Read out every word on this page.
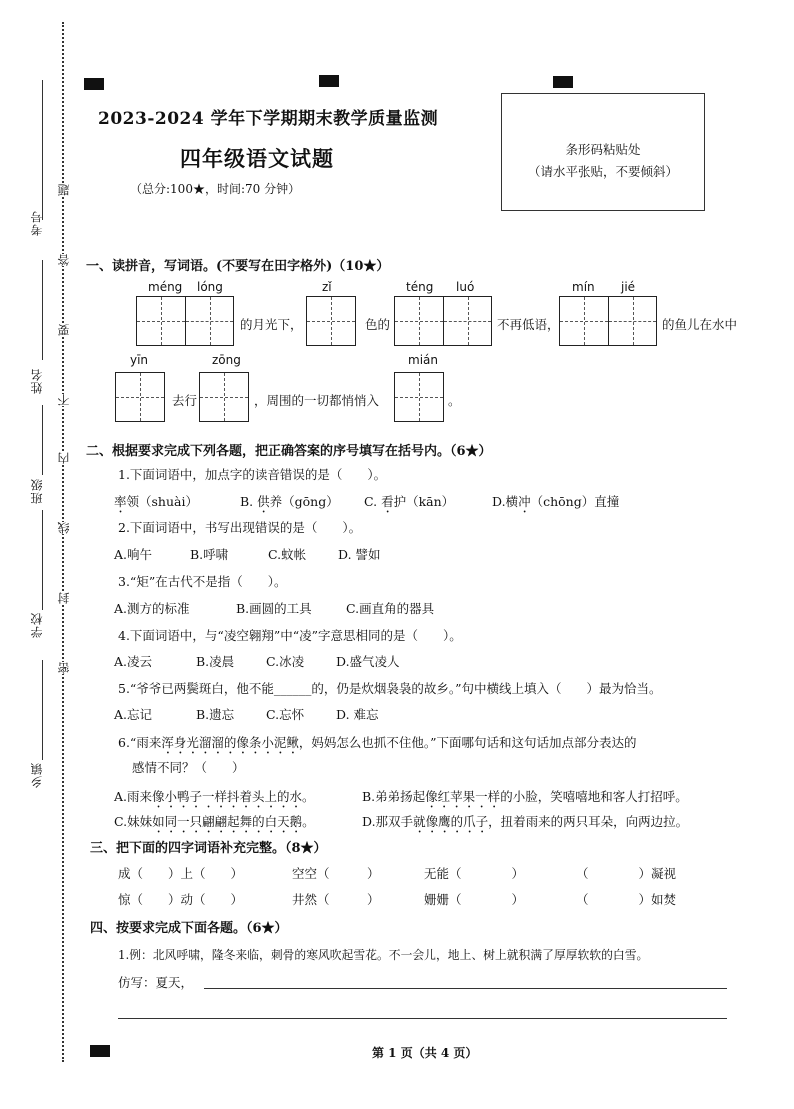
考号
姓名
班级
学校
乡镇
题
答
要
不
内
线
封
密
2023-2024 学年下学期期末教学质量监测
四年级语文试题
（总分:100★，时间:70 分钟）
条形码粘贴处
（请水平张贴，不要倾斜）
一、读拼音，写词语。(不要写在田字格外)（10★）
méng lóng
的月光下，
zǐ
色的
téng luó
不再低语，
mín jié
的鱼儿在水中
yīn
去行
zōng
，周围的一切都悄悄入
mián
。
二、根据要求完成下列各题，把正确答案的序号填写在括号内。（6★）
1.下面词语中，加点字的读音错误的是（　　）。
率领（shuài）	B. 供养（gōng） C. 看护（kān）	D.横冲（chōng）直撞
2.下面词语中，书写出现错误的是（　　）。
A.响午	B.呼啸	C.蚊帐	D. 譬如
3.“矩”在古代不是指（　　）。
A.测方的标准	B.画圆的工具	C.画直角的器具
4.下面词语中，与“凌空翱翔”中“凌”字意思相同的是（　　）。
A.凌云	B.凌晨	C.冰凌	D.盛气凌人
5.“爷爷已两鬓斑白，他不能______的，仍是炊烟袅袅的故乡。”句中横线上填入（　　）最为恰当。
A.忘记	B.遗忘	C.忘怀	D. 难忘
6.“雨来浑身光溜溜的像条小泥鳅，妈妈怎么也抓不住他。”下面哪句话和这句话加点部分表达的
感情不同？（　　）
A.雨来像小鸭子一样抖着头上的水。	B.弟弟扬起像红苹果一样的小脸，笑嘻嘻地和客人打招呼。
C.妹妹如同一只翩翩起舞的白天鹅。	D.那双手就像鹰的爪子，扭着雨来的两只耳朵，向两边拉。
三、把下面的四字词语补充完整。（8★）
成（　　）上（　　）	空空（　　　）	无能（　　　　）	（　　　　）凝视
惊（　　）动（　　）	井然（　　　）	姗姗（　　　　）	（　　　　）如焚
四、按要求完成下面各题。（6★）
1.例：北风呼啸，隆冬来临，刺骨的寒风吹起雪花。不一会儿，地上、树上就积满了厚厚软软的白雪。
仿写：夏天，
第 1 页（共 4 页）
